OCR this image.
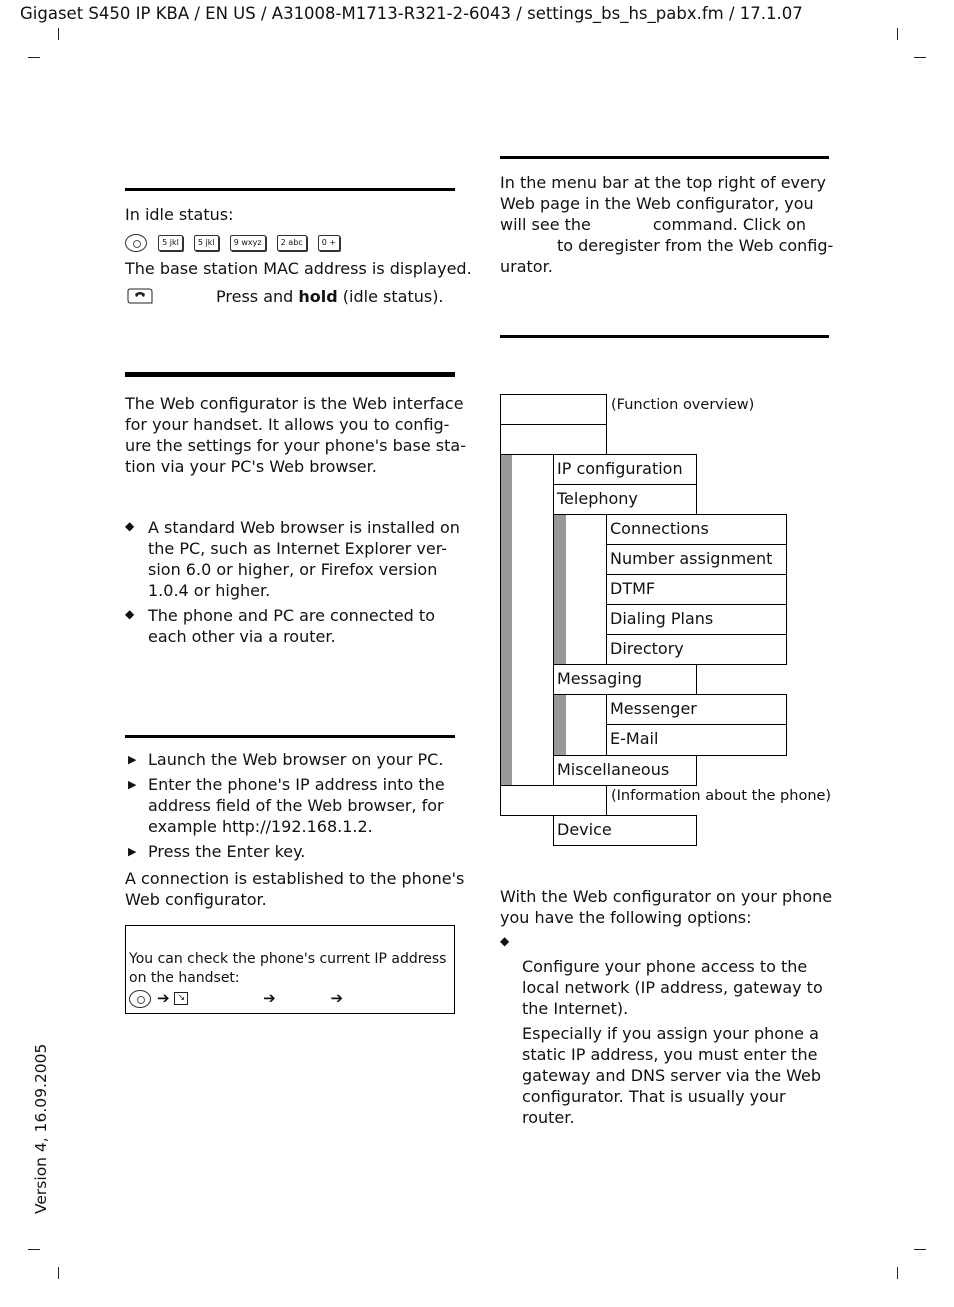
Gigaset S450 IP KBA / EN US / A31008-M1713-R321-2-6043 / settings_bs_hs_pabx.fm / 17.1.07
Version 4, 16.09.2005
In idle status:
5 jkl 5 jkl 9 wxyz 2 abc 0 +
The base station MAC address is displayed.
Press and hold (idle status).
The Web configurator is the Web interface
for your handset. It allows you to config-
ure the settings for your phone's base sta-
tion via your PC's Web browser.
◆ A standard Web browser is installed on
the PC, such as Internet Explorer ver-
sion 6.0 or higher, or Firefox version
1.0.4 or higher.
◆ The phone and PC are connected to
each other via a router.
▶ Launch the Web browser on your PC.
▶ Enter the phone's IP address into the
address field of the Web browser, for
example http://192.168.1.2.
▶ Press the Enter key.
A connection is established to the phone's
Web configurator.
You can check the phone's current IP address
on the handset:
➔ ↘	➔	➔
In the menu bar at the top right of every
Web page in the Web configurator, you
will see the	command. Click on
to deregister from the Web config-
urator.
(Function overview)
IP configuration
Telephony
Connections
Number assignment
DTMF
Dialing Plans
Directory
Messaging
Messenger
E-Mail
Miscellaneous
(Information about the phone)
Device
With the Web configurator on your phone
you have the following options:
◆
Configure your phone access to the
local network (IP address, gateway to
the Internet).
Especially if you assign your phone a
static IP address, you must enter the
gateway and DNS server via the Web
configurator. That is usually your
router.
